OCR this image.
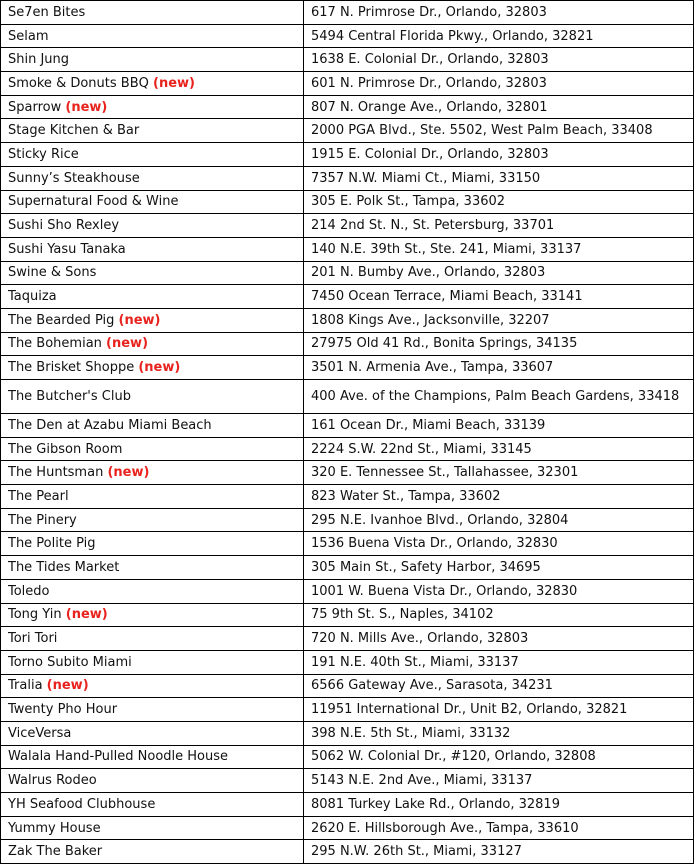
Se7en Bites	617 N. Primrose Dr., Orlando, 32803
Selam	5494 Central Florida Pkwy., Orlando, 32821
Shin Jung	1638 E. Colonial Dr., Orlando, 32803
Smoke & Donuts BBQ (new)	601 N. Primrose Dr., Orlando, 32803
Sparrow (new)	807 N. Orange Ave., Orlando, 32801
Stage Kitchen & Bar	2000 PGA Blvd., Ste. 5502, West Palm Beach, 33408
Sticky Rice	1915 E. Colonial Dr., Orlando, 32803
Sunny’s Steakhouse	7357 N.W. Miami Ct., Miami, 33150
Supernatural Food & Wine	305 E. Polk St., Tampa, 33602
Sushi Sho Rexley	214 2nd St. N., St. Petersburg, 33701
Sushi Yasu Tanaka	140 N.E. 39th St., Ste. 241, Miami, 33137
Swine & Sons	201 N. Bumby Ave., Orlando, 32803
Taquiza	7450 Ocean Terrace, Miami Beach, 33141
The Bearded Pig (new)	1808 Kings Ave., Jacksonville, 32207
The Bohemian (new)	27975 Old 41 Rd., Bonita Springs, 34135
The Brisket Shoppe (new)	3501 N. Armenia Ave., Tampa, 33607
The Butcher's Club	400 Ave. of the Champions, Palm Beach Gardens, 33418
The Den at Azabu Miami Beach	161 Ocean Dr., Miami Beach, 33139
The Gibson Room	2224 S.W. 22nd St., Miami, 33145
The Huntsman (new)	320 E. Tennessee St., Tallahassee, 32301
The Pearl	823 Water St., Tampa, 33602
The Pinery	295 N.E. Ivanhoe Blvd., Orlando, 32804
The Polite Pig	1536 Buena Vista Dr., Orlando, 32830
The Tides Market	305 Main St., Safety Harbor, 34695
Toledo	1001 W. Buena Vista Dr., Orlando, 32830
Tong Yin (new)	75 9th St. S., Naples, 34102
Tori Tori	720 N. Mills Ave., Orlando, 32803
Torno Subito Miami	191 N.E. 40th St., Miami, 33137
Tralia (new)	6566 Gateway Ave., Sarasota, 34231
Twenty Pho Hour	11951 International Dr., Unit B2, Orlando, 32821
ViceVersa	398 N.E. 5th St., Miami, 33132
Walala Hand-Pulled Noodle House	5062 W. Colonial Dr., #120, Orlando, 32808
Walrus Rodeo	5143 N.E. 2nd Ave., Miami, 33137
YH Seafood Clubhouse	8081 Turkey Lake Rd., Orlando, 32819
Yummy House	2620 E. Hillsborough Ave., Tampa, 33610
Zak The Baker	295 N.W. 26th St., Miami, 33127
